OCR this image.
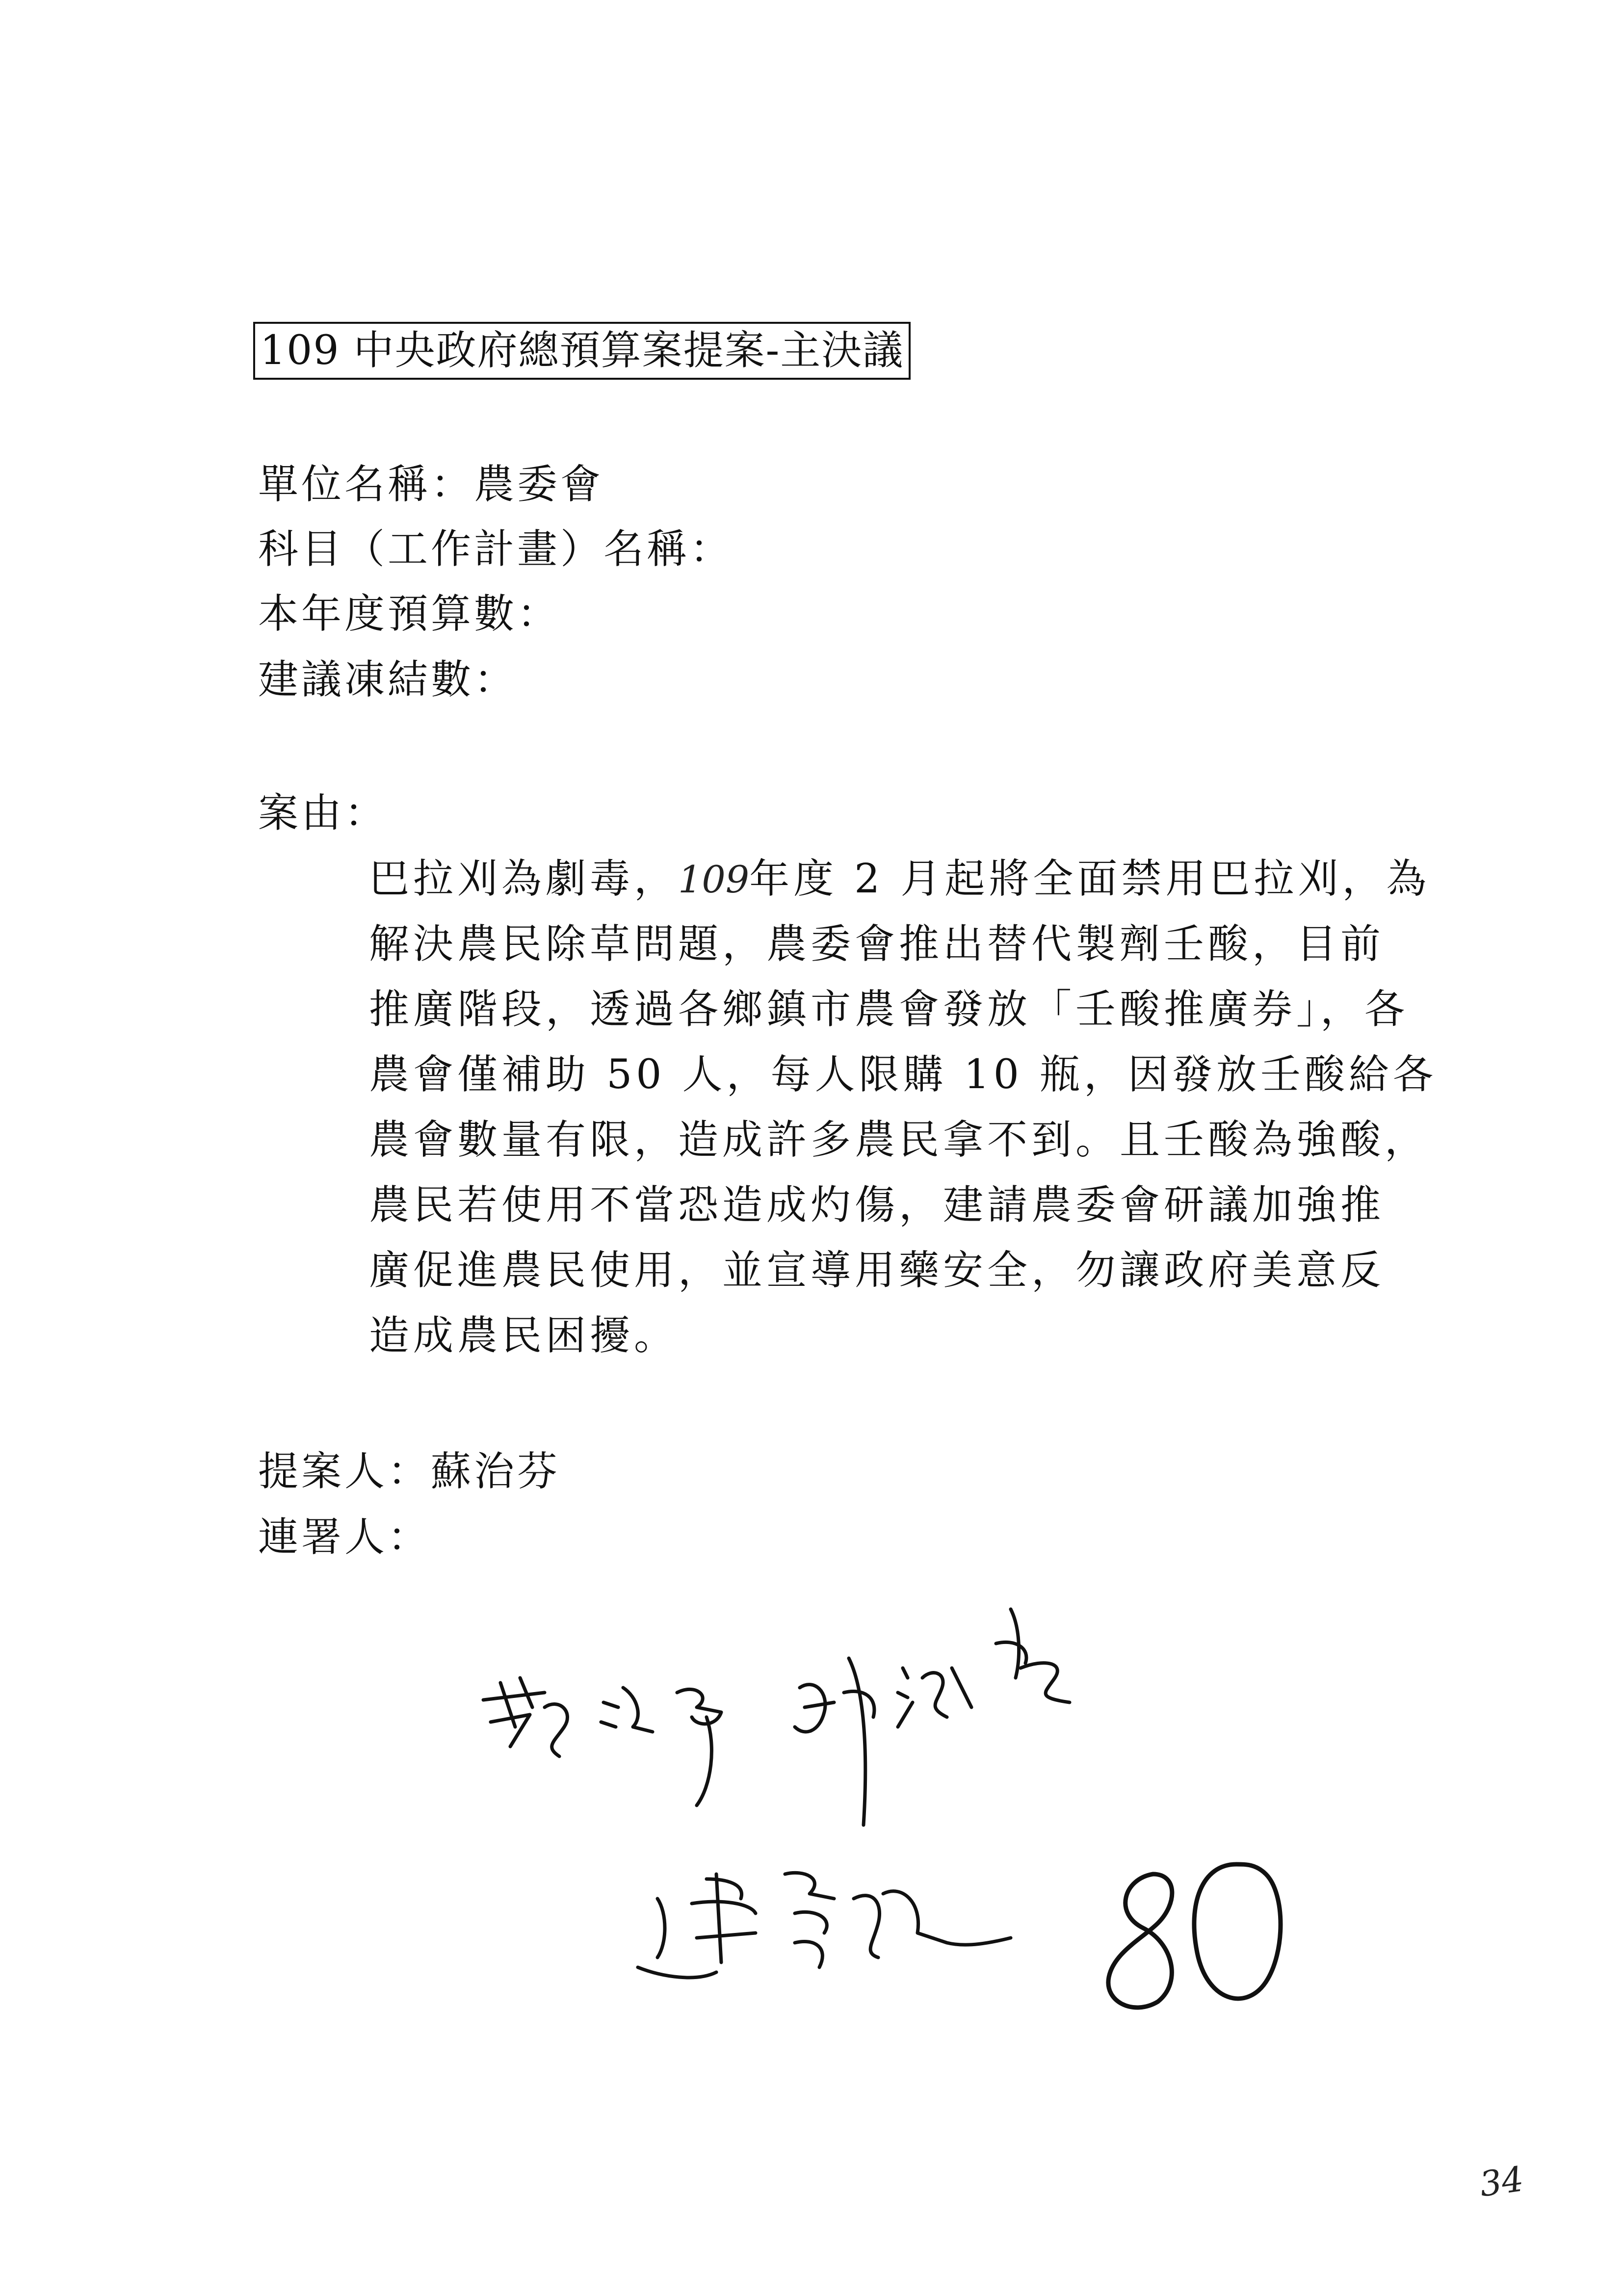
109 中央政府總預算案提案-主決議
單位名稱：農委會
科目（工作計畫）名稱：
本年度預算數：
建議凍結數：
案由：
巴拉刈為劇毒，109年度 2 月起將全面禁用巴拉刈，為
解決農民除草問題，農委會推出替代製劑壬酸，目前
推廣階段，透過各鄉鎮市農會發放「壬酸推廣券」，各
農會僅補助 50 人，每人限購 10 瓶，因發放壬酸給各
農會數量有限，造成許多農民拿不到。且壬酸為強酸，
農民若使用不當恐造成灼傷，建請農委會研議加強推
廣促進農民使用，並宣導用藥安全，勿讓政府美意反
造成農民困擾。
提案人：蘇治芬
連署人：
34
